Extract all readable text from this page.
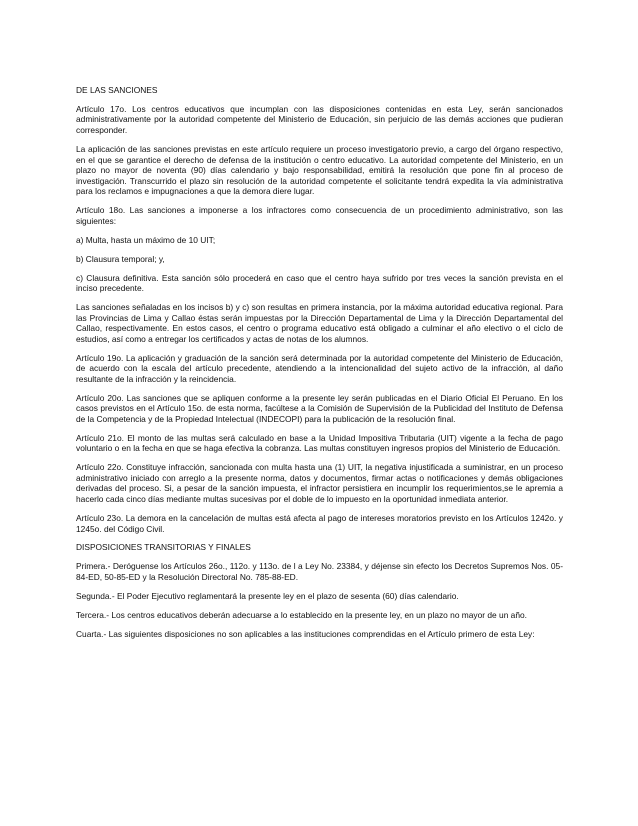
DE LAS SANCIONES

Artículo 17o. Los centros educativos que incumplan con las disposiciones contenidas en esta Ley, serán sancionados administrativamente por la autoridad competente del Ministerio de Educación, sin perjuicio de las demás acciones que pudieran corresponder.

La aplicación de las sanciones previstas en este artículo requiere un proceso investigatorio previo, a cargo del órgano respectivo, en el que se garantice el derecho de defensa de la institución o centro educativo. La autoridad competente del Ministerio, en un plazo no mayor de noventa (90) días calendario y bajo responsabilidad, emitirá la resolución que pone fin al proceso de investigación. Transcurrido el plazo sin resolución de la autoridad competente el solicitante tendrá expedita la vía administrativa para los reclamos e impugnaciones a que la demora diere lugar.

Artículo 18o. Las sanciones a imponerse a los infractores como consecuencia de un procedimiento administrativo, son las siguientes:

a) Multa, hasta un máximo de 10 UIT;

b) Clausura temporal; y,

c) Clausura definitiva. Esta sanción sólo procederá en caso que el centro haya sufrido por tres veces la sanción prevista en el inciso precedente.

Las sanciones señaladas en los incisos b) y c) son resultas en primera instancia, por la máxima autoridad educativa regional. Para las Provincias de Lima y Callao éstas serán impuestas por la Dirección Departamental de Lima y la Dirección Departamental del Callao, respectivamente. En estos casos, el centro o programa educativo está obligado a culminar el año electivo o el ciclo de estudios, así como a entregar los certificados y actas de notas de los alumnos.

Artículo 19o. La aplicación y graduación de la sanción será determinada por la autoridad competente del Ministerio de Educación, de acuerdo con la escala del artículo precedente, atendiendo a la intencionalidad del sujeto activo de la infracción, al daño resultante de la infracción y la reincidencia.

Artículo 20o. Las sanciones que se apliquen conforme a la presente ley serán publicadas en el Diario Oficial El Peruano. En los casos previstos en el Artículo 15o. de esta norma, facúltese a la Comisión de Supervisión de la Publicidad del Instituto de Defensa de la Competencia y de la Propiedad Intelectual (INDECOPI) para la publicación de la resolución final.

Artículo 21o. El monto de las multas será calculado en base a la Unidad Impositiva Tributaria (UIT) vigente a la fecha de pago voluntario o en la fecha en que se haga efectiva la cobranza. Las multas constituyen ingresos propios del Ministerio de Educación.

Artículo 22o. Constituye infracción, sancionada con multa hasta una (1) UIT, la negativa injustificada a suministrar, en un proceso administrativo iniciado con arreglo a la presente norma, datos y documentos, firmar actas o notificaciones y demás obligaciones derivadas del proceso. Si, a pesar de la sanción impuesta, el infractor persistiera en incumplir los requerimientos,se le apremia a hacerlo cada cinco días mediante multas sucesivas por el doble de lo impuesto en la oportunidad inmediata anterior.

Artículo 23o. La demora en la cancelación de multas está afecta al pago de intereses moratorios previsto en los Artículos 1242o. y 1245o. del Código Civil.

DISPOSICIONES TRANSITORIAS Y FINALES

Primera.- Deróguense los Artículos 26o., 112o. y 113o. de l a Ley No. 23384, y déjense sin efecto los Decretos Supremos Nos. 05-84-ED, 50-85-ED y la Resolución Directoral No. 785-88-ED.

Segunda.- El Poder Ejecutivo reglamentará la presente ley en el plazo de sesenta (60) días calendario.

Tercera.- Los centros educativos deberán adecuarse a lo establecido en la presente ley, en un plazo no mayor de un año.

Cuarta.- Las siguientes disposiciones no son aplicables a las instituciones comprendidas en el Artículo primero de esta Ley:
